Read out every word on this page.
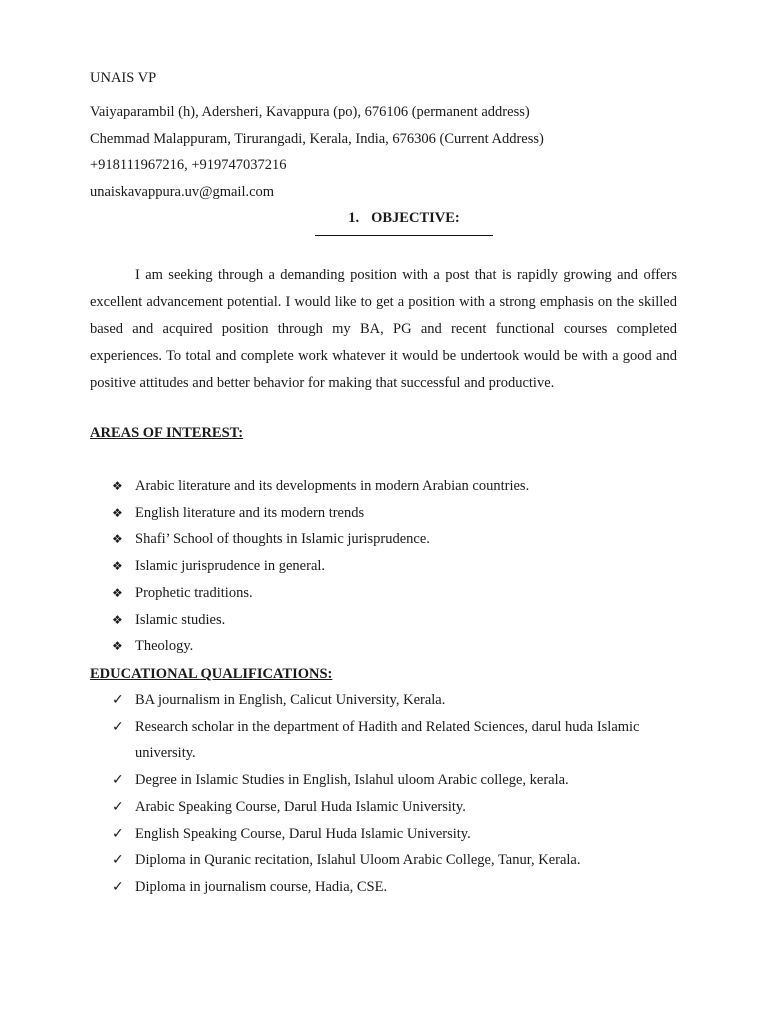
UNAIS VP
Vaiyaparambil (h), Adersheri, Kavappura (po), 676106 (permanent address)
Chemmad Malappuram, Tirurangadi, Kerala, India, 676306 (Current Address)
+918111967216, +919747037216
unaiskavappura.uv@gmail.com
1. OBJECTIVE:
I am seeking through a demanding position with a post that is rapidly growing and offers excellent advancement potential. I would like to get a position with a strong emphasis on the skilled based and acquired position through my BA, PG and recent functional courses completed experiences. To total and complete work whatever it would be undertook would be with a good and positive attitudes and better behavior for making that successful and productive.
AREAS OF INTEREST:
❖ Arabic literature and its developments in modern Arabian countries.
❖ English literature and its modern trends
❖ Shafi’ School of thoughts in Islamic jurisprudence.
❖ Islamic jurisprudence in general.
❖ Prophetic traditions.
❖ Islamic studies.
❖ Theology.
EDUCATIONAL QUALIFICATIONS:
✓ BA journalism in English, Calicut University, Kerala.
✓ Research scholar in the department of Hadith and Related Sciences, darul huda Islamic university.
✓ Degree in Islamic Studies in English, Islahul uloom Arabic college, kerala.
✓ Arabic Speaking Course, Darul Huda Islamic University.
✓ English Speaking Course, Darul Huda Islamic University.
✓ Diploma in Quranic recitation, Islahul Uloom Arabic College, Tanur, Kerala.
✓ Diploma in journalism course, Hadia, CSE.
